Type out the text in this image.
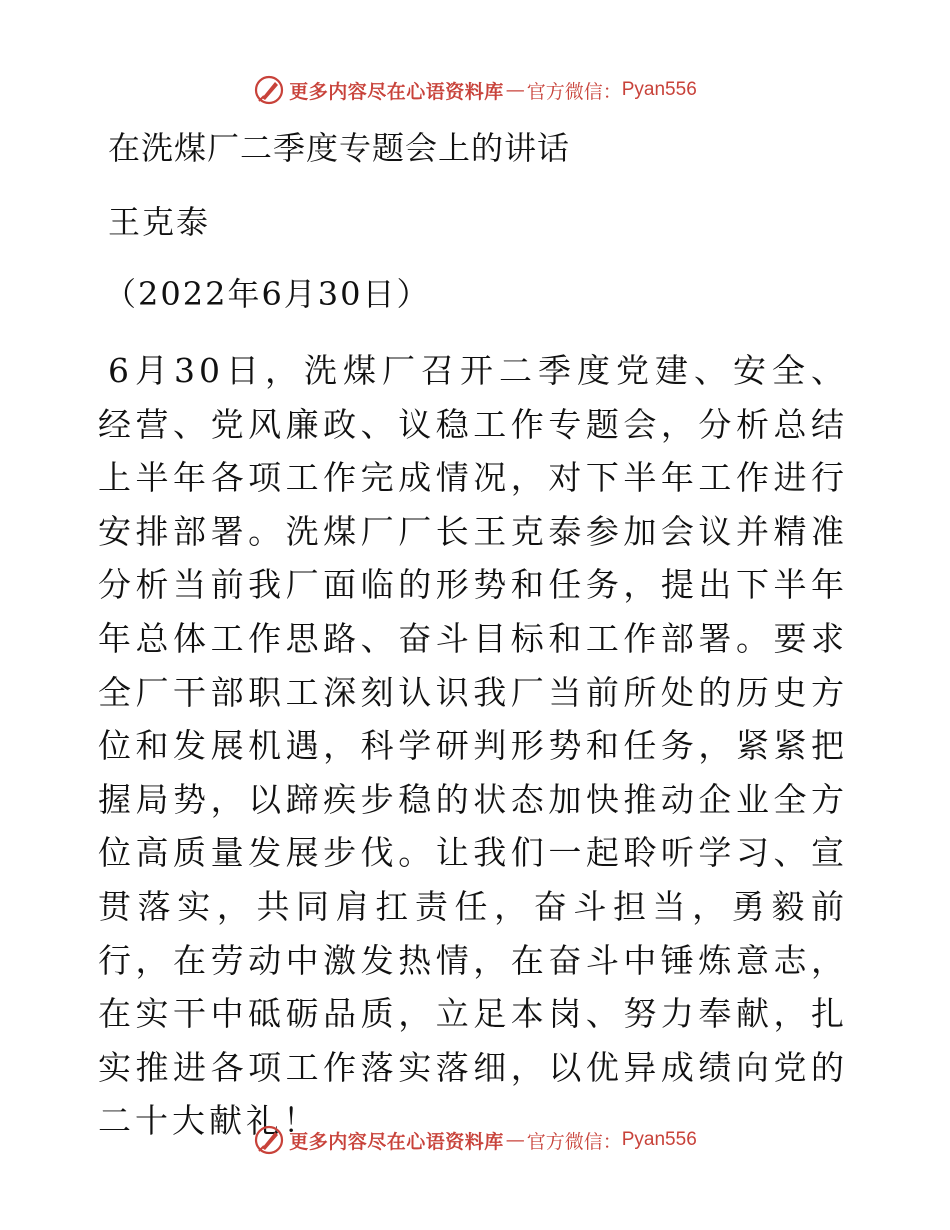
更多内容尽在心语资料库 — 官方微信： Pyan556
在洗煤厂二季度专题会上的讲话
王克泰
（2022年6月30日）

6月30日，洗煤厂召开二季度党建、安全、经营、党风廉政、议稳工作专题会，分析总结上半年各项工作完成情况，对下半年工作进行安排部署。洗煤厂厂长王克泰参加会议并精准分析当前我厂面临的形势和任务，提出下半年年总体工作思路、奋斗目标和工作部署。要求全厂干部职工深刻认识我厂当前所处的历史方位和发展机遇，科学研判形势和任务，紧紧把握局势，以蹄疾步稳的状态加快推动企业全方位高质量发展步伐。让我们一起聆听学习、宣贯落实，共同肩扛责任，奋斗担当，勇毅前行，在劳动中激发热情，在奋斗中锤炼意志，在实干中砥砺品质，立足本岗、努力奉献，扎实推进各项工作落实落细，以优异成绩向党的二十大献礼！

更多内容尽在心语资料库 — 官方微信： Pyan556
